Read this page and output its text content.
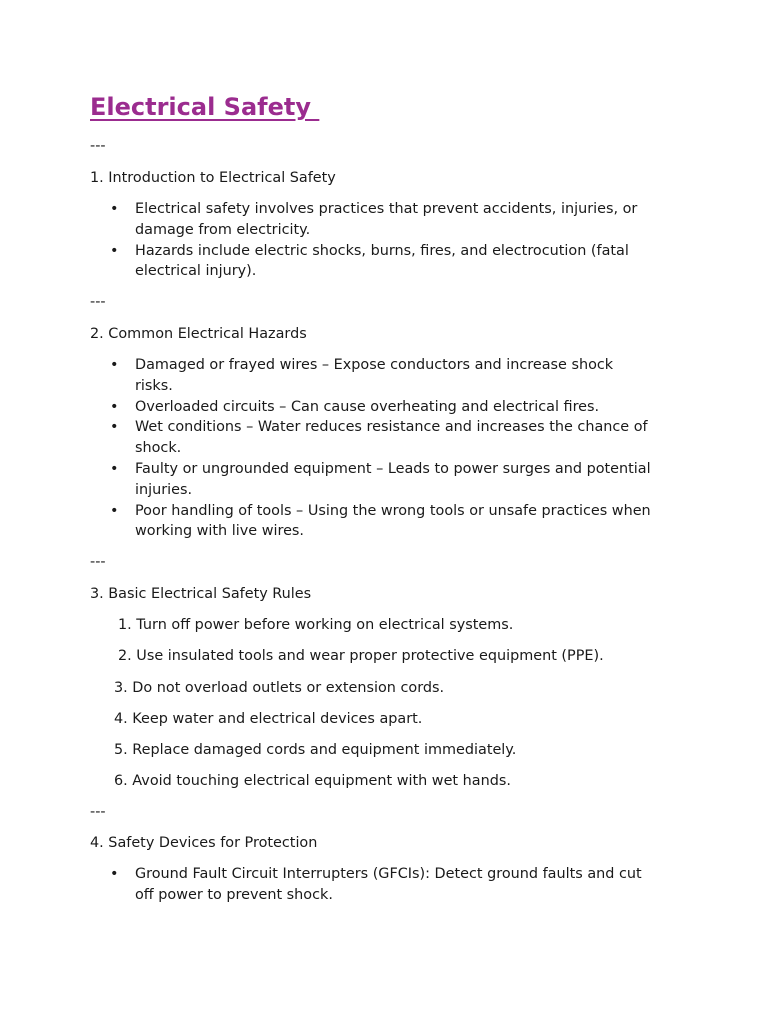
Electrical Safety

---

1. Introduction to Electrical Safety

• Electrical safety involves practices that prevent accidents, injuries, or
damage from electricity.
• Hazards include electric shocks, burns, fires, and electrocution (fatal
electrical injury).

---

2. Common Electrical Hazards

• Damaged or frayed wires – Expose conductors and increase shock
risks.
• Overloaded circuits – Can cause overheating and electrical fires.
• Wet conditions – Water reduces resistance and increases the chance of
shock.
• Faulty or ungrounded equipment – Leads to power surges and potential
injuries.
• Poor handling of tools – Using the wrong tools or unsafe practices when
working with live wires.

---

3. Basic Electrical Safety Rules

1. Turn off power before working on electrical systems.

2. Use insulated tools and wear proper protective equipment (PPE).

3. Do not overload outlets or extension cords.

4. Keep water and electrical devices apart.

5. Replace damaged cords and equipment immediately.

6. Avoid touching electrical equipment with wet hands.

---

4. Safety Devices for Protection

• Ground Fault Circuit Interrupters (GFCIs): Detect ground faults and cut
off power to prevent shock.
